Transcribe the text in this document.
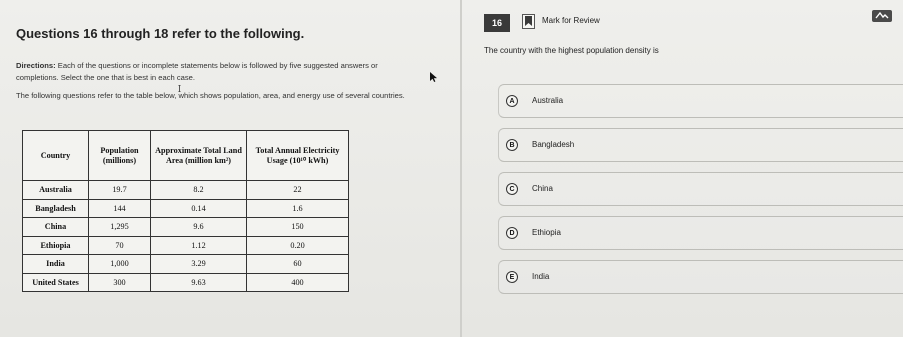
Questions 16 through 18 refer to the following.
Directions: Each of the questions or incomplete statements below is followed by five suggested answers or completions. Select the one that is best in each case.
The following questions refer to the table below, which shows population, area, and energy use of several countries.
Country	Population (millions)	Approximate Total Land Area (million km²)	Total Annual Electricity Usage (10¹⁰ kWh)
Australia	19.7	8.2	22
Bangladesh	144	0.14	1.6
China	1,295	9.6	150
Ethiopia	70	1.12	0.20
India	1,000	3.29	60
United States	300	9.63	400
16	Mark for Review
The country with the highest population density is
A	Australia
B	Bangladesh
C	China
D	Ethiopia
E	India
